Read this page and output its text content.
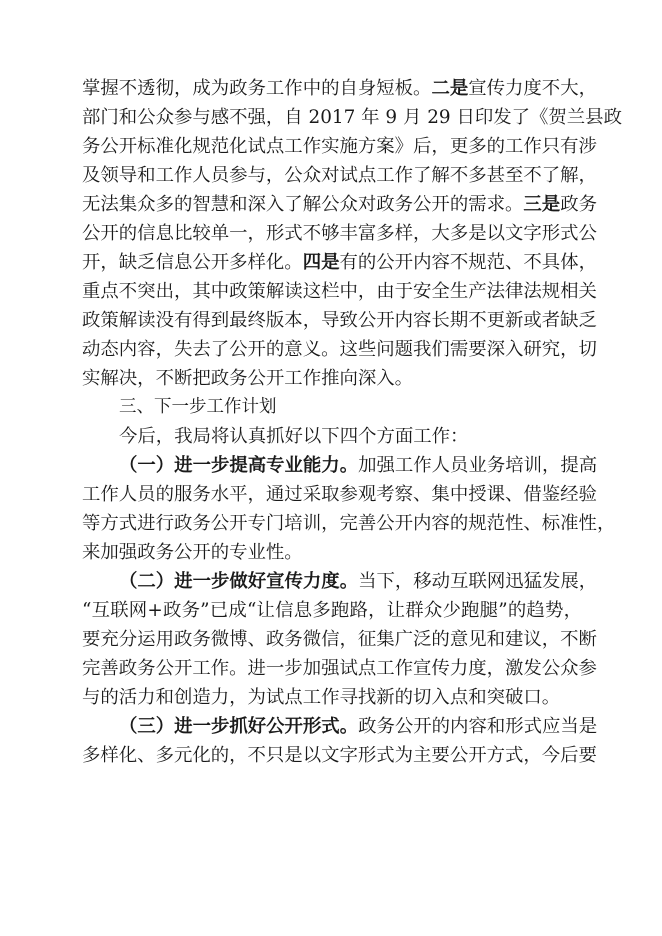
掌握不透彻，成为政务工作中的自身短板。二是宣传力度不大，
部门和公众参与感不强，自 2017 年 9 月 29 日印发了《贺兰县政
务公开标准化规范化试点工作实施方案》后，更多的工作只有涉
及领导和工作人员参与，公众对试点工作了解不多甚至不了解，
无法集众多的智慧和深入了解公众对政务公开的需求。三是政务
公开的信息比较单一，形式不够丰富多样，大多是以文字形式公
开，缺乏信息公开多样化。四是有的公开内容不规范、不具体，
重点不突出，其中政策解读这栏中，由于安全生产法律法规相关
政策解读没有得到最终版本，导致公开内容长期不更新或者缺乏
动态内容，失去了公开的意义。这些问题我们需要深入研究，切
实解决，不断把政务公开工作推向深入。
三、下一步工作计划
今后，我局将认真抓好以下四个方面工作：
（一）进一步提高专业能力。加强工作人员业务培训，提高
工作人员的服务水平，通过采取参观考察、集中授课、借鉴经验
等方式进行政务公开专门培训，完善公开内容的规范性、标准性，
来加强政务公开的专业性。
（二）进一步做好宣传力度。当下，移动互联网迅猛发展，
“互联网+政务”已成“让信息多跑路，让群众少跑腿”的趋势，
要充分运用政务微博、政务微信，征集广泛的意见和建议，不断
完善政务公开工作。进一步加强试点工作宣传力度，激发公众参
与的活力和创造力，为试点工作寻找新的切入点和突破口。
（三）进一步抓好公开形式。政务公开的内容和形式应当是
多样化、多元化的，不只是以文字形式为主要公开方式，今后要
